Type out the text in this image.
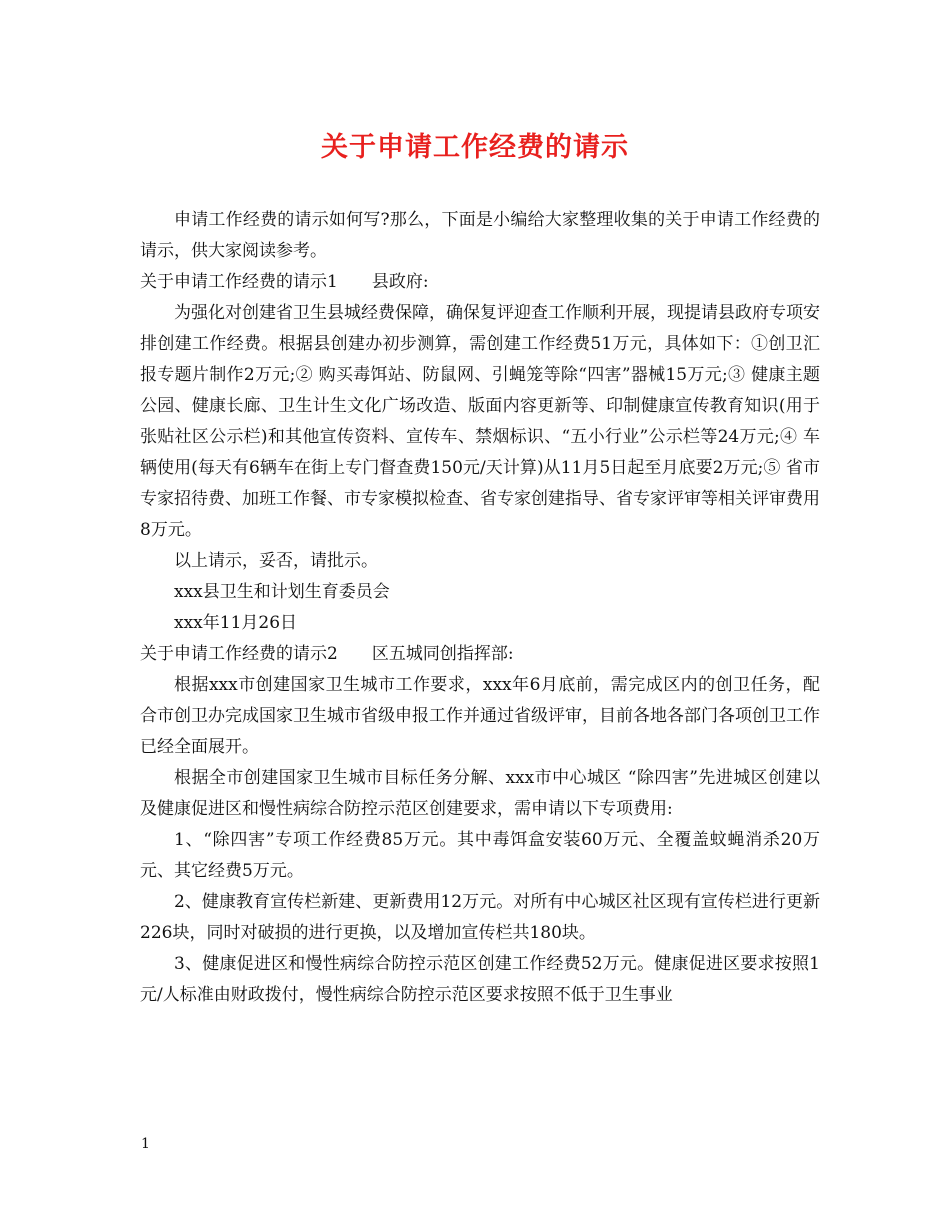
关于申请工作经费的请示

申请工作经费的请示如何写?那么，下面是小编给大家整理收集的关于申请工作经费的请示，供大家阅读参考。

关于申请工作经费的请示1　　县政府:

为强化对创建省卫生县城经费保障，确保复评迎查工作顺利开展，现提请县政府专项安排创建工作经费。根据县创建办初步测算，需创建工作经费51万元，具体如下：①创卫汇报专题片制作2万元;② 购买毒饵站、防鼠网、引蝇笼等除“四害”器械15万元;③ 健康主题公园、健康长廊、卫生计生文化广场改造、版面内容更新等、印制健康宣传教育知识(用于张贴社区公示栏)和其他宣传资料、宣传车、禁烟标识、“五小行业”公示栏等24万元;④ 车辆使用(每天有6辆车在街上专门督查费150元/天计算)从11月5日起至月底要2万元;⑤ 省市专家招待费、加班工作餐、市专家模拟检查、省专家创建指导、省专家评审等相关评审费用8万元。

以上请示，妥否，请批示。

xxx县卫生和计划生育委员会

xxx年11月26日

关于申请工作经费的请示2　　区五城同创指挥部:

根据xxx市创建国家卫生城市工作要求，xxx年6月底前，需完成区内的创卫任务，配合市创卫办完成国家卫生城市省级申报工作并通过省级评审，目前各地各部门各项创卫工作已经全面展开。

根据全市创建国家卫生城市目标任务分解、xxx市中心城区 “除四害”先进城区创建以及健康促进区和慢性病综合防控示范区创建要求，需申请以下专项费用:

1、“除四害”专项工作经费85万元。其中毒饵盒安装60万元、全覆盖蚊蝇消杀20万元、其它经费5万元。

2、健康教育宣传栏新建、更新费用12万元。对所有中心城区社区现有宣传栏进行更新226块，同时对破损的进行更换，以及增加宣传栏共180块。

3、健康促进区和慢性病综合防控示范区创建工作经费52万元。健康促进区要求按照1元/人标准由财政拨付，慢性病综合防控示范区要求按照不低于卫生事业

1
